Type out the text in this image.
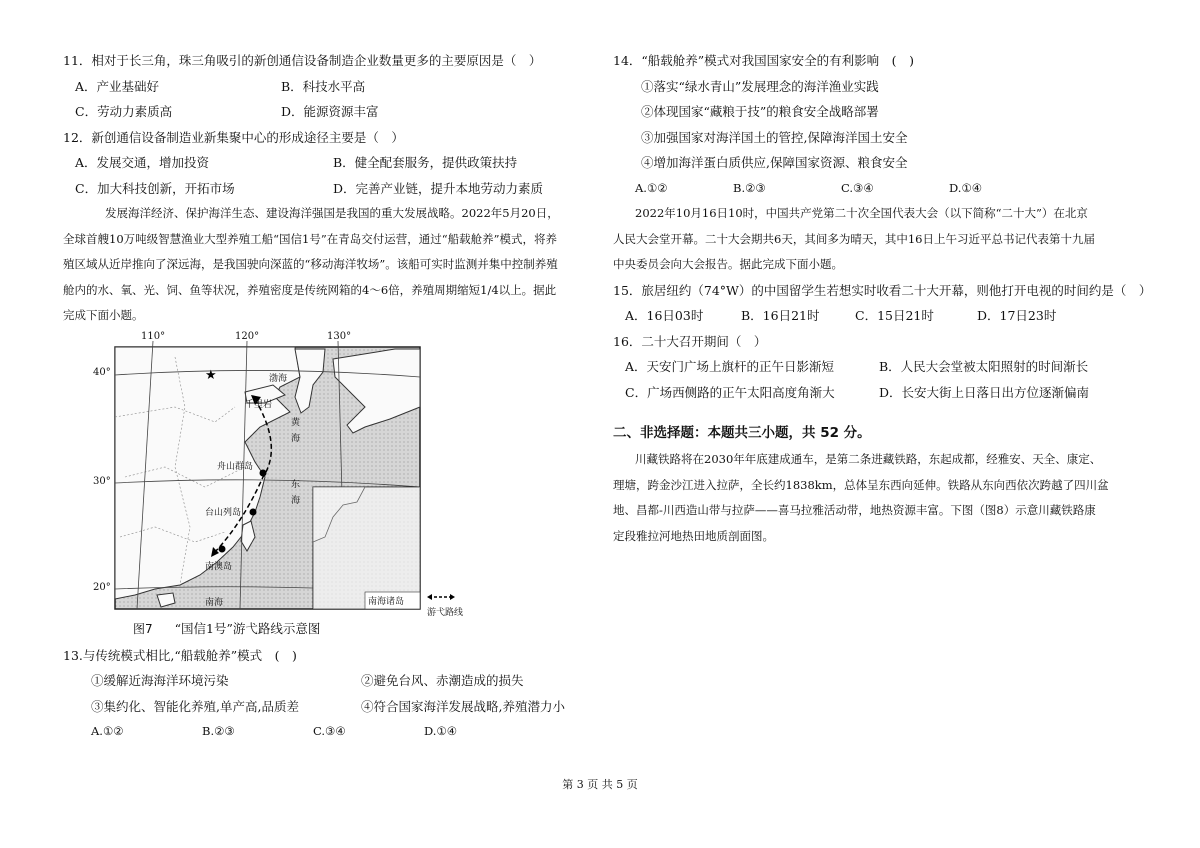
11．相对于长三角，珠三角吸引的新创通信设备制造企业数量更多的主要原因是（　）
A．产业基础好	B．科技水平高
C．劳动力素质高	D．能源资源丰富
12．新创通信设备制造业新集聚中心的形成途径主要是（　）
A．发展交通，增加投资	B．健全配套服务，提供政策扶持
C．加大科技创新，开拓市场	D．完善产业链，提升本地劳动力素质
发展海洋经济、保护海洋生态、建设海洋强国是我国的重大发展战略。2022年5月20日，
全球首艘10万吨级智慧渔业大型养殖工船“国信1号”在青岛交付运营，通过“船载舱养”模式，将养
殖区域从近岸推向了深远海，是我国驶向深蓝的“移动海洋牧场”。该船可实时监测并集中控制养殖
舱内的水、氧、光、饲、鱼等状况，养殖密度是传统网箱的4～6倍，养殖周期缩短1/4以上。据此
完成下面小题。
★
110°	120°	130°
40°
30°
20°
千里岩
渤海
黄
海
东
海
舟山群岛
台山列岛
南澳岛
南海	南海诸岛
游弋路线
图7 “国信1号”游弋路线示意图
13.与传统模式相比,“船载舱养”模式　(　)
①缓解近海海洋环境污染	②避免台风、赤潮造成的损失
③集约化、智能化养殖,单产高,品质差	④符合国家海洋发展战略,养殖潜力小
A.①②	B.②③	C.③④	D.①④
14．“船载舱养”模式对我国国家安全的有利影响　(　)
①落实“绿水青山”发展理念的海洋渔业实践
②体现国家“藏粮于技”的粮食安全战略部署
③加强国家对海洋国土的管控,保障海洋国土安全
④增加海洋蛋白质供应,保障国家资源、粮食安全
A.①②	B.②③	C.③④	D.①④
2022年10月16日10时，中国共产党第二十次全国代表大会（以下简称“二十大”）在北京
人民大会堂开幕。二十大会期共6天，其间多为晴天，其中16日上午习近平总书记代表第十九届
中央委员会向大会报告。据此完成下面小题。
15．旅居纽约（74°W）的中国留学生若想实时收看二十大开幕，则他打开电视的时间约是（　）
A．16日03时	B．16日21时	C．15日21时	D．17日23时
16．二十大召开期间（　）
A．天安门广场上旗杆的正午日影渐短	B．人民大会堂被太阳照射的时间渐长
C．广场西侧路的正午太阳高度角渐大	D．长安大街上日落日出方位逐渐偏南
二、非选择题：本题共三小题，共 52 分。
川藏铁路将在2030年年底建成通车，是第二条进藏铁路，东起成都，经雅安、天全、康定、
理塘，跨金沙江进入拉萨，全长约1838km，总体呈东西向延伸。铁路从东向西依次跨越了四川盆
地、昌都-川西造山带与拉萨——喜马拉雅活动带，地热资源丰富。下图（图8）示意川藏铁路康
定段雅拉河地热田地质剖面图。
第 3 页 共 5 页
